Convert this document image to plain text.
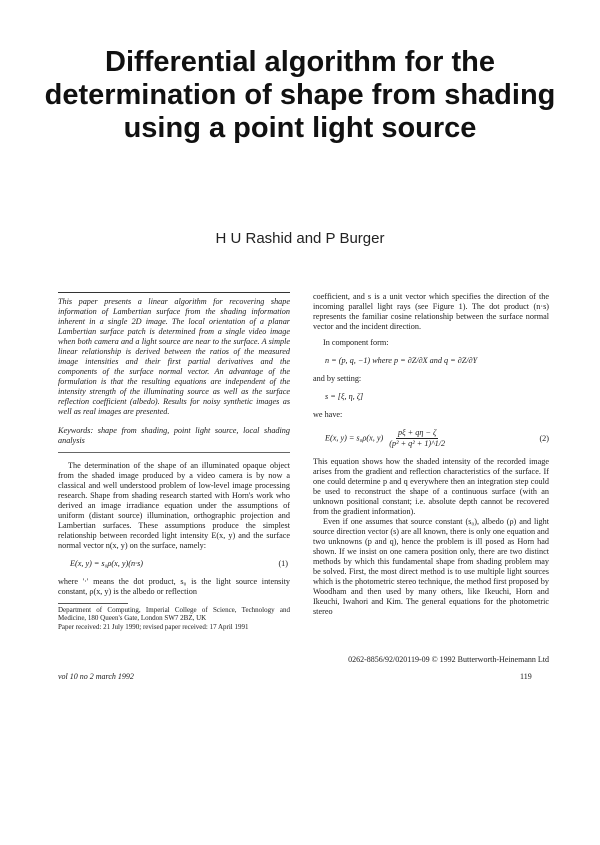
Differential algorithm for the determination of shape from shading using a point light source
H U Rashid and P Burger

This paper presents a linear algorithm for recovering shape information of Lambertian surface from the shading information inherent in a single 2D image. The local orientation of a planar Lambertian surface patch is determined from a single video image when both camera and a light source are near to the surface. A simple linear relationship is derived between the ratios of the measured image intensities and their first partial derivatives and the components of the surface normal vector. An advantage of the formulation is that the resulting equations are independent of the intensity strength of the illuminating source as well as the surface reflection coefficient (albedo). Results for noisy synthetic images as well as real images are presented.

Keywords: shape from shading, point light source, local shading analysis

The determination of the shape of an illuminated opaque object from the shaded image produced by a video camera is by now a classical and well understood problem of low-level image processing research. Shape from shading research started with Horn's work who derived an image irradiance equation under the assumptions of uniform (distant source) illumination, orthographic projection and Lambertian surfaces. These assumptions produce the simplest relationship between recorded light intensity E(x, y) and the surface normal vector n(x, y) on the surface, namely:

E(x, y) = s₀ρ(x, y)(n·s)	(1)

where '·' means the dot product, s₀ is the light source intensity constant, ρ(x, y) is the albedo or reflection

Department of Computing, Imperial College of Science, Technology and Medicine, 180 Queen's Gate, London SW7 2BZ, UK

Paper received: 21 July 1990; revised paper received: 17 April 1991

coefficient, and s is a unit vector which specifies the direction of the incoming parallel light rays (see Figure 1). The dot product (n·s) represents the familiar cosine relationship between the surface normal vector and the incident direction.

In component form:

n = (p, q, −1) where p = ∂Z/∂X and q = ∂Z/∂Y

and by setting:

s = [ξ, η, ζ]

we have:

E(x, y) = s₀ρ(x, $y) \frac{p\xi + q\eta - \zeta}{\text{(p² + q² + 1)\textasciicircum{}1/2}}$	(2)

This equation shows how the shaded intensity of the recorded image arises from the gradient and reflection characteristics of the surface. If one could determine p and q everywhere then an integration step could be used to reconstruct the shape of a continuous surface (with an unknown positional constant; i.e. absolute depth cannot be recovered from the gradient information).

Even if one assumes that source constant (s₀), albedo (ρ) and light source direction vector (s) are all known, there is only one equation and two unknowns (p and q), hence the problem is ill posed as Horn had shown. If we insist on one camera position only, there are two distinct methods by which this fundamental shape from shading problem may be solved. First, the most direct method is to use multiple light sources which is the photometric stereo technique, the method first proposed by Woodham and then used by many others, like Ikeuchi, Horn and Ikeuchi, Iwahori and Kim. The general equations for the photometric stereo

0262-8856/92/020119-09 © 1992 Butterworth-Heinemann Ltd
vol 10 no 2 march 1992	119
